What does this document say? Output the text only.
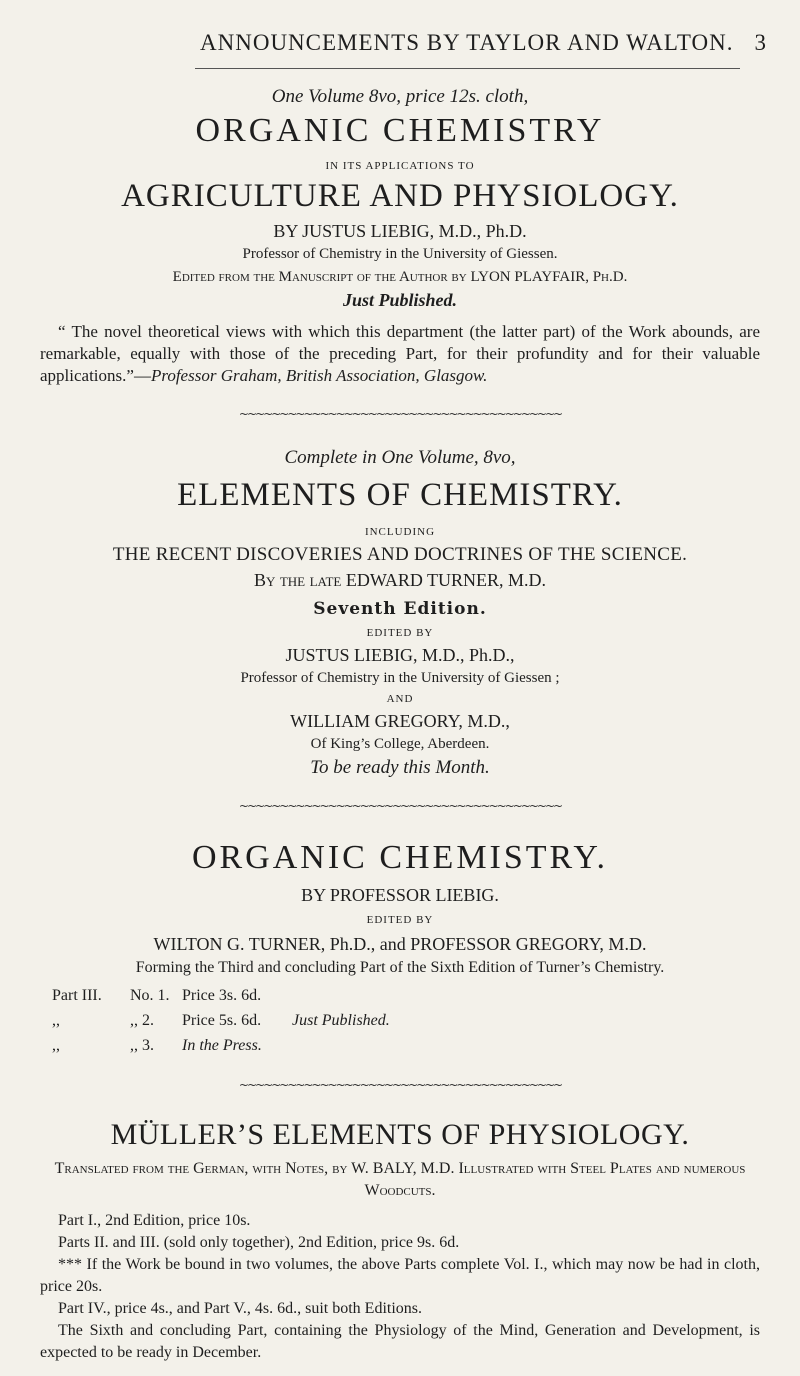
ANNOUNCEMENTS BY TAYLOR AND WALTON. 3
One Volume 8vo, price 12s. cloth,
ORGANIC CHEMISTRY
IN ITS APPLICATIONS TO
AGRICULTURE AND PHYSIOLOGY.
BY JUSTUS LIEBIG, M.D., Ph.D.
Professor of Chemistry in the University of Giessen.
Edited from the Manuscript of the Author by LYON PLAYFAIR, Ph.D.
Just Published.

“ The novel theoretical views with which this department (the latter part) of the Work abounds, are remarkable, equally with those of the preceding Part, for their profundity and for their valuable applications.”—Professor Graham, British Association, Glasgow.

~~~~~~~~~~~~~~~~~~~~~~~~~~~~~~~~~~~~~~~~
Complete in One Volume, 8vo,
ELEMENTS OF CHEMISTRY.
INCLUDING
THE RECENT DISCOVERIES AND DOCTRINES OF THE SCIENCE.
By the late EDWARD TURNER, M.D.
Seventh Edition.
EDITED BY
JUSTUS LIEBIG, M.D., Ph.D.,
Professor of Chemistry in the University of Giessen ;
AND
WILLIAM GREGORY, M.D.,
Of King’s College, Aberdeen.
To be ready this Month.
~~~~~~~~~~~~~~~~~~~~~~~~~~~~~~~~~~~~~~~~
ORGANIC CHEMISTRY.
BY PROFESSOR LIEBIG.
EDITED BY
WILTON G. TURNER, Ph.D., and PROFESSOR GREGORY, M.D.
Forming the Third and concluding Part of the Sixth Edition of Turner’s Chemistry.
Part III.	No. 1. Price 3s. 6d.
,,	,, 2.	Price 5s. 6d.	Just Published.
,,	,, 3.	In the Press.
~~~~~~~~~~~~~~~~~~~~~~~~~~~~~~~~~~~~~~~~
MÜLLER’S ELEMENTS OF PHYSIOLOGY.
Translated from the German, with Notes, by W. BALY, M.D. Illustrated with Steel Plates and numerous Woodcuts.

Part I., 2nd Edition, price 10s.

Parts II. and III. (sold only together), 2nd Edition, price 9s. 6d.

*** If the Work be bound in two volumes, the above Parts complete Vol. I., which may now be had in cloth, price 20s.

Part IV., price 4s., and Part V., 4s. 6d., suit both Editions.

The Sixth and concluding Part, containing the Physiology of the Mind, Generation and Development, is expected to be ready in December.
